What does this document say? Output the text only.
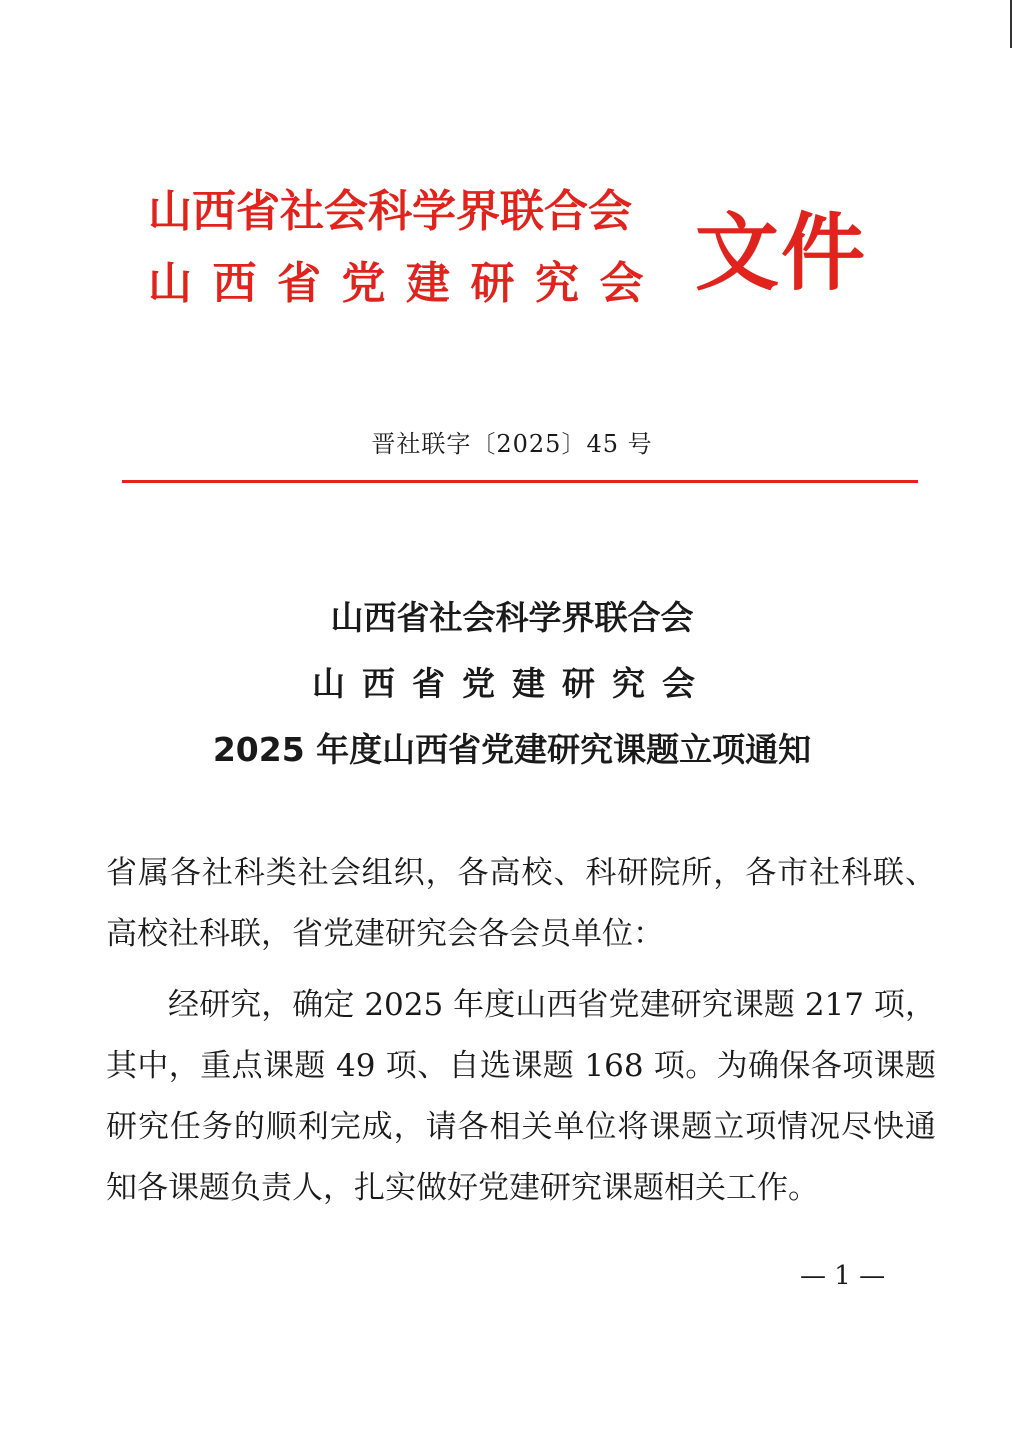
山西省社会科学界联合会
山西省党建研究会 文件
晋社联字〔2025〕45 号
山西省社会科学界联合会
山西省党建研究会
2025 年度山西省党建研究课题立项通知

省属各社科类社会组织，各高校、科研院所，各市社科联、高校社科联，省党建研究会各会员单位：

经研究，确定 2025 年度山西省党建研究课题 217 项，其中，重点课题 49 项、自选课题 168 项。为确保各项课题研究任务的顺利完成，请各相关单位将课题立项情况尽快通知各课题负责人，扎实做好党建研究课题相关工作。

— 1 —
